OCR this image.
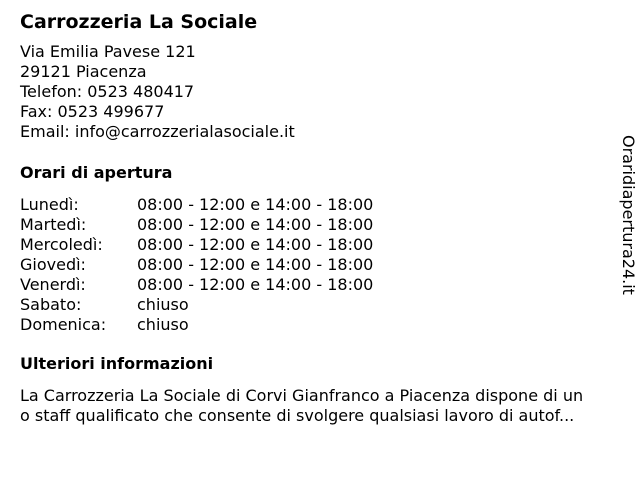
Carrozzeria La Sociale
Via Emilia Pavese 121
29121 Piacenza
Telefon: 0523 480417
Fax: 0523 499677
Email: info@carrozzerialasociale.it
Orari di apertura
Lunedì:	08:00 - 12:00 e 14:00 - 18:00
Martedì:	08:00 - 12:00 e 14:00 - 18:00
Mercoledì:	08:00 - 12:00 e 14:00 - 18:00
Giovedì:	08:00 - 12:00 e 14:00 - 18:00
Venerdì:	08:00 - 12:00 e 14:00 - 18:00
Sabato:	chiuso
Domenica:	chiuso
Ulteriori informazioni
La Carrozzeria La Sociale di Corvi Gianfranco a Piacenza dispone di un
o staff qualificato che consente di svolgere qualsiasi lavoro di autof...
Oraridiapertura24.it
